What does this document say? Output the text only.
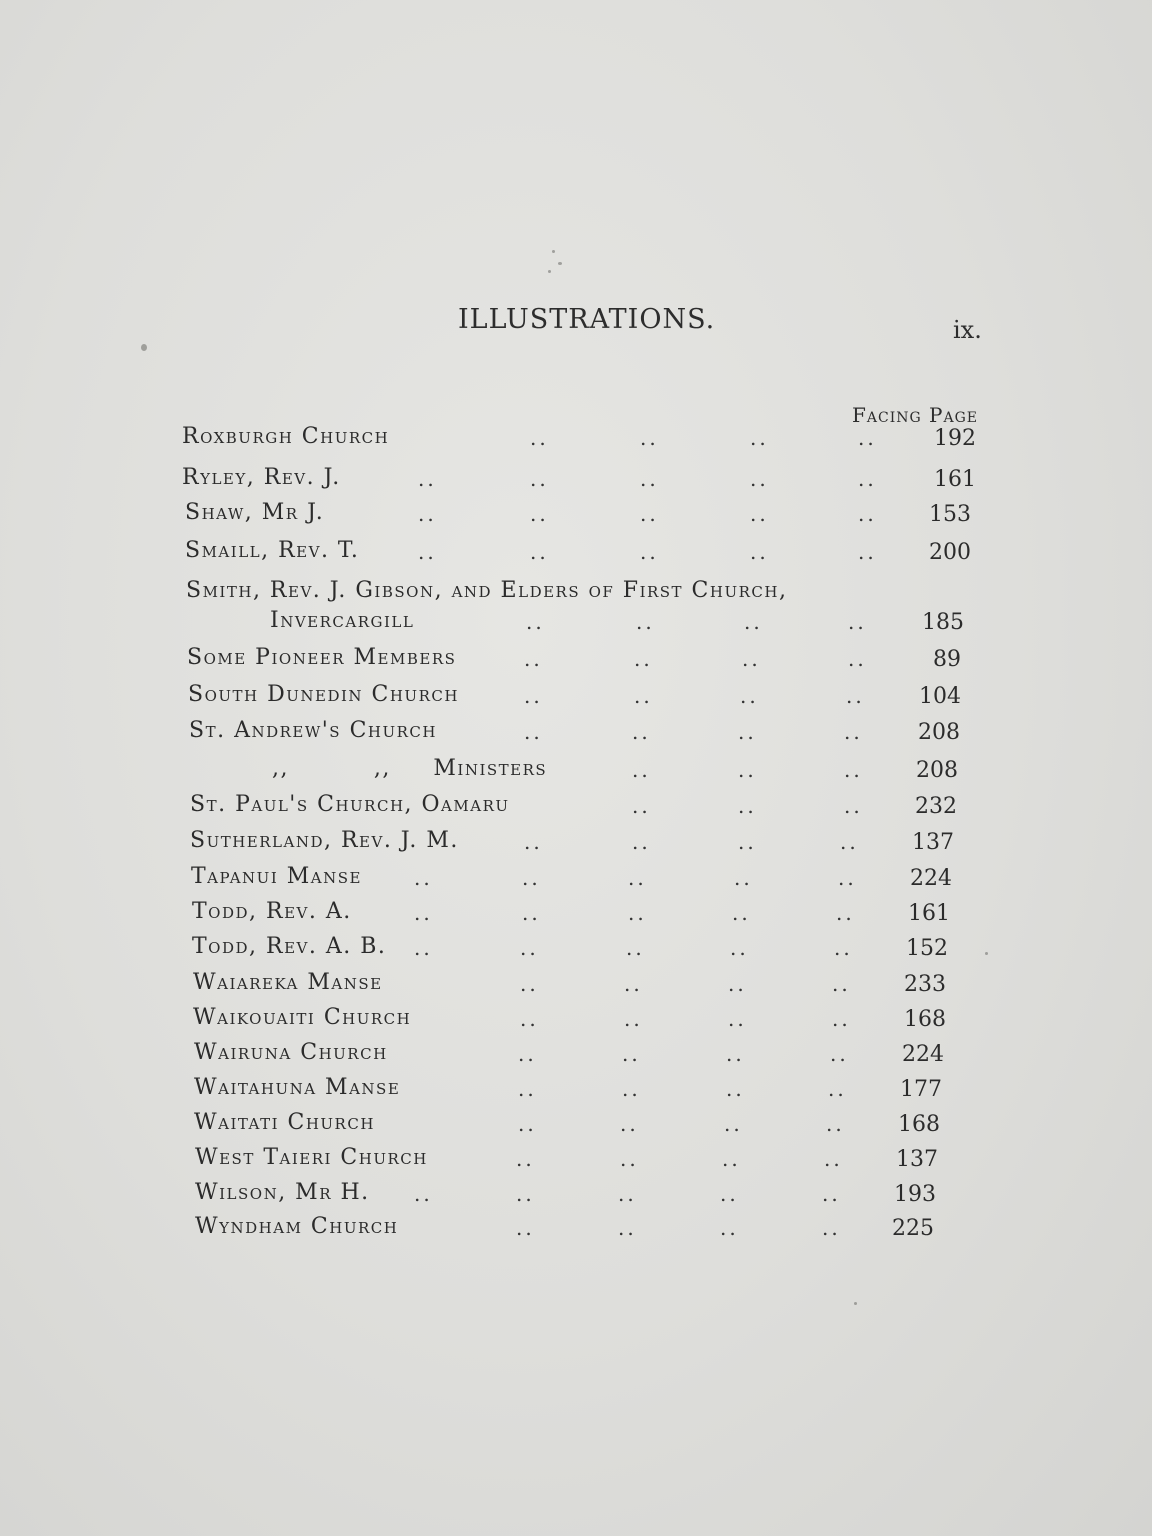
ILLUSTRATIONS.	ix.
Facing Page
Roxburgh Church	..	..	..	..	192
Ryley, Rev. J.	..	..	..	..	..	161
Shaw, Mr J.	..	..	..	..	..	153
Smaill, Rev. T.	..	..	..	..	..	200
Smith, Rev. J. Gibson, and Elders of First Church,
Invercargill	..	..	..	..	185
Some Pioneer Members	..	..	..	..	89
South Dunedin Church	..	..	..	..	104
St. Andrew's Church	..	..	..	..	208
,,          ,,     Ministers	..	..	..	208
St. Paul's Church, Oamaru	..	..	..	232
Sutherland, Rev. J. M.	..	..	..	..	137
Tapanui Manse	..	..	..	..	..	224
Todd, Rev. A.	..	..	..	..	..	161
Todd, Rev. A. B. ..	..	..	..	..	152
Waiareka Manse	..	..	..	..	233
Waikouaiti Church	..	..	..	..	168
Wairuna Church	..	..	..	..	224
Waitahuna Manse	..	..	..	..	177
Waitati Church	..	..	..	..	168
West Taieri Church	..	..	..	..	137
Wilson, Mr H. ..	..	..	..	..	193
Wyndham Church	..	..	..	..	225
